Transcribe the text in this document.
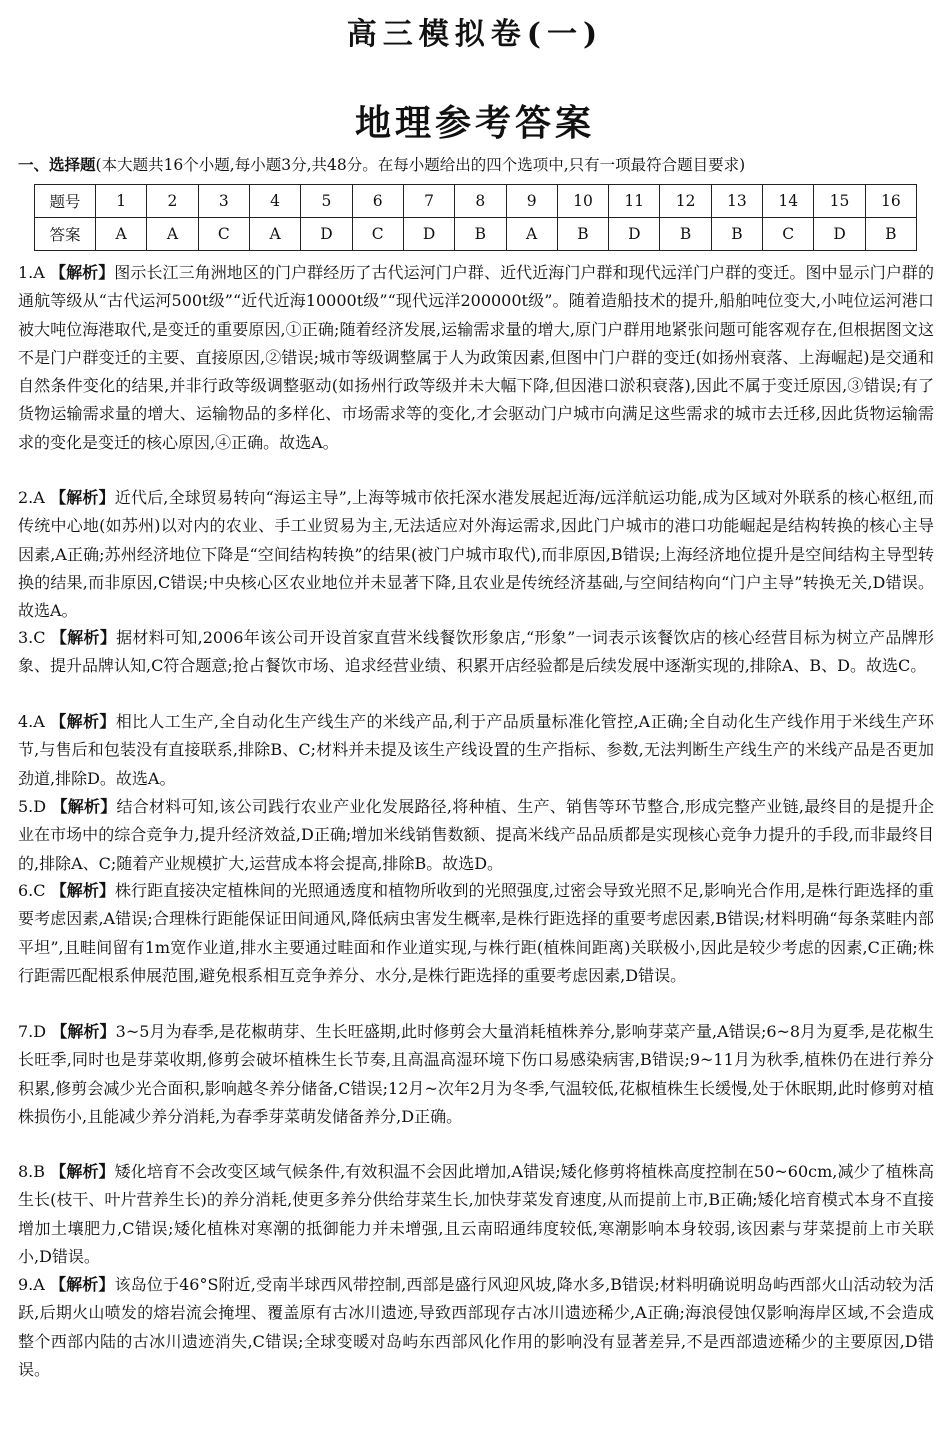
高三模拟卷(一)
地理参考答案
一、选择题(本大题共16个小题,每小题3分,共48分。在每小题给出的四个选项中,只有一项最符合题目要求)
题号	1	2	3	4	5	6	7	8	9	10	11	12	13	14	15	16
答案	A	A	C	A	D	C	D	B	A	B	D	B	B	C	D	B
1.A 【解析】图示长江三角洲地区的门户群经历了古代运河门户群、近代近海门户群和现代远洋门户群的变迁。图中显示门户群的通航等级从“古代运河500t级”“近代近海10000t级”“现代远洋200000t级”。随着造船技术的提升,船舶吨位变大,小吨位运河港口被大吨位海港取代,是变迁的重要原因,①正确;随着经济发展,运输需求量的增大,原门户群用地紧张问题可能客观存在,但根据图文这不是门户群变迁的主要、直接原因,②错误;城市等级调整属于人为政策因素,但图中门户群的变迁(如扬州衰落、上海崛起)是交通和自然条件变化的结果,并非行政等级调整驱动(如扬州行政等级并未大幅下降,但因港口淤积衰落),因此不属于变迁原因,③错误;有了货物运输需求量的增大、运输物品的多样化、市场需求等的变化,才会驱动门户城市向满足这些需求的城市去迁移,因此货物运输需求的变化是变迁的核心原因,④正确。故选A。
2.A 【解析】近代后,全球贸易转向“海运主导”,上海等城市依托深水港发展起近海/远洋航运功能,成为区域对外联系的核心枢纽,而传统中心地(如苏州)以对内的农业、手工业贸易为主,无法适应对外海运需求,因此门户城市的港口功能崛起是结构转换的核心主导因素,A正确;苏州经济地位下降是“空间结构转换”的结果(被门户城市取代),而非原因,B错误;上海经济地位提升是空间结构主导型转换的结果,而非原因,C错误;中央核心区农业地位并未显著下降,且农业是传统经济基础,与空间结构向“门户主导”转换无关,D错误。故选A。
3.C 【解析】据材料可知,2006年该公司开设首家直营米线餐饮形象店,“形象”一词表示该餐饮店的核心经营目标为树立产品牌形象、提升品牌认知,C符合题意;抢占餐饮市场、追求经营业绩、积累开店经验都是后续发展中逐渐实现的,排除A、B、D。故选C。
4.A 【解析】相比人工生产,全自动化生产线生产的米线产品,利于产品质量标准化管控,A正确;全自动化生产线作用于米线生产环节,与售后和包装没有直接联系,排除B、C;材料并未提及该生产线设置的生产指标、参数,无法判断生产线生产的米线产品是否更加劲道,排除D。故选A。
5.D 【解析】结合材料可知,该公司践行农业产业化发展路径,将种植、生产、销售等环节整合,形成完整产业链,最终目的是提升企业在市场中的综合竞争力,提升经济效益,D正确;增加米线销售数额、提高米线产品品质都是实现核心竞争力提升的手段,而非最终目的,排除A、C;随着产业规模扩大,运营成本将会提高,排除B。故选D。
6.C 【解析】株行距直接决定植株间的光照通透度和植物所收到的光照强度,过密会导致光照不足,影响光合作用,是株行距选择的重要考虑因素,A错误;合理株行距能保证田间通风,降低病虫害发生概率,是株行距选择的重要考虑因素,B错误;材料明确“每条菜畦内部平坦”,且畦间留有1m宽作业道,排水主要通过畦面和作业道实现,与株行距(植株间距离)关联极小,因此是较少考虑的因素,C正确;株行距需匹配根系伸展范围,避免根系相互竞争养分、水分,是株行距选择的重要考虑因素,D错误。
7.D 【解析】3~5月为春季,是花椒萌芽、生长旺盛期,此时修剪会大量消耗植株养分,影响芽菜产量,A错误;6~8月为夏季,是花椒生长旺季,同时也是芽菜收期,修剪会破坏植株生长节奏,且高温高湿环境下伤口易感染病害,B错误;9~11月为秋季,植株仍在进行养分积累,修剪会减少光合面积,影响越冬养分储备,C错误;12月~次年2月为冬季,气温较低,花椒植株生长缓慢,处于休眠期,此时修剪对植株损伤小,且能减少养分消耗,为春季芽菜萌发储备养分,D正确。
8.B 【解析】矮化培育不会改变区域气候条件,有效积温不会因此增加,A错误;矮化修剪将植株高度控制在50~60cm,减少了植株高生长(枝干、叶片营养生长)的养分消耗,使更多养分供给芽菜生长,加快芽菜发育速度,从而提前上市,B正确;矮化培育模式本身不直接增加土壤肥力,C错误;矮化植株对寒潮的抵御能力并未增强,且云南昭通纬度较低,寒潮影响本身较弱,该因素与芽菜提前上市关联小,D错误。
9.A 【解析】该岛位于46°S附近,受南半球西风带控制,西部是盛行风迎风坡,降水多,B错误;材料明确说明岛屿西部火山活动较为活跃,后期火山喷发的熔岩流会掩埋、覆盖原有古冰川遗迹,导致西部现存古冰川遗迹稀少,A正确;海浪侵蚀仅影响海岸区域,不会造成整个西部内陆的古冰川遗迹消失,C错误;全球变暖对岛屿东西部风化作用的影响没有显著差异,不是西部遗迹稀少的主要原因,D错误。
